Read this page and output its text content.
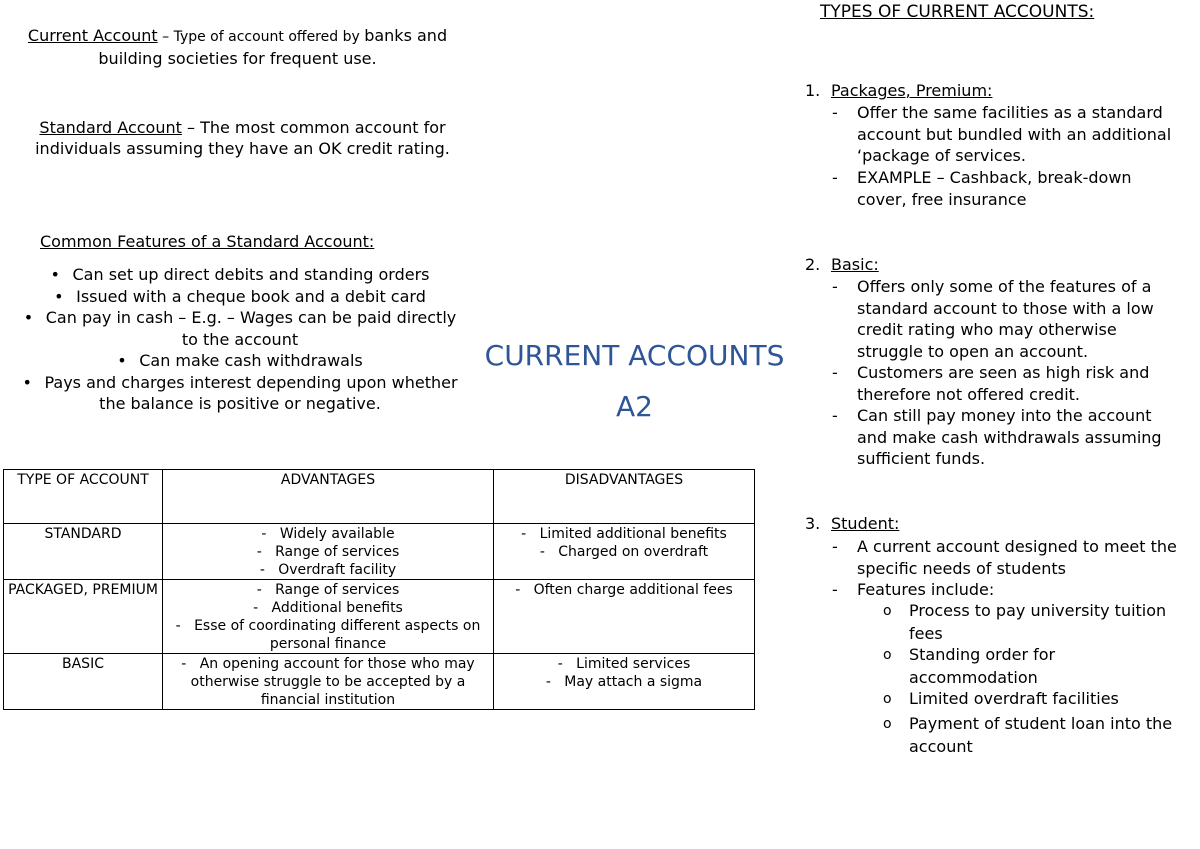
Current Account – Type of account offered by banks and building societies for frequent use.
Standard Account – The most common account for individuals assuming they have an OK credit rating.
Common Features of a Standard Account:
• Can set up direct debits and standing orders
• Issued with a cheque book and a debit card
• Can pay in cash – E.g. – Wages can be paid directly to the account
• Can make cash withdrawals
• Pays and charges interest depending upon whether the balance is positive or negative.
CURRENT ACCOUNTS
A2
TYPE OF ACCOUNT	ADVANTAGES	DISADVANTAGES
STANDARD	-   Widely available
-   Range of services
-   Overdraft facility	-   Limited additional benefits
-   Charged on overdraft

PACKAGED, PREMIUM	-   Range of services
-   Additional benefits
-   Esse of coordinating different aspects on personal finance	-   Often charge additional fees

BASIC	-   An opening account for those who may otherwise struggle to be accepted by a financial institution	-   Limited services
-   May attach a sigma
TYPES OF CURRENT ACCOUNTS:
1. Packages, Premium:
- Offer the same facilities as a standard account but bundled with an additional ‘package of services.
- EXAMPLE – Cashback, break-down cover, free insurance
2. Basic:
- Offers only some of the features of a standard account to those with a low credit rating who may otherwise struggle to open an account.
- Customers are seen as high risk and therefore not offered credit.
- Can still pay money into the account and make cash withdrawals assuming sufficient funds.
3. Student:
- A current account designed to meet the specific needs of students
- Features include:
o Process to pay university tuition fees
o Standing order for accommodation
o Limited overdraft facilities
o Payment of student loan into the account
